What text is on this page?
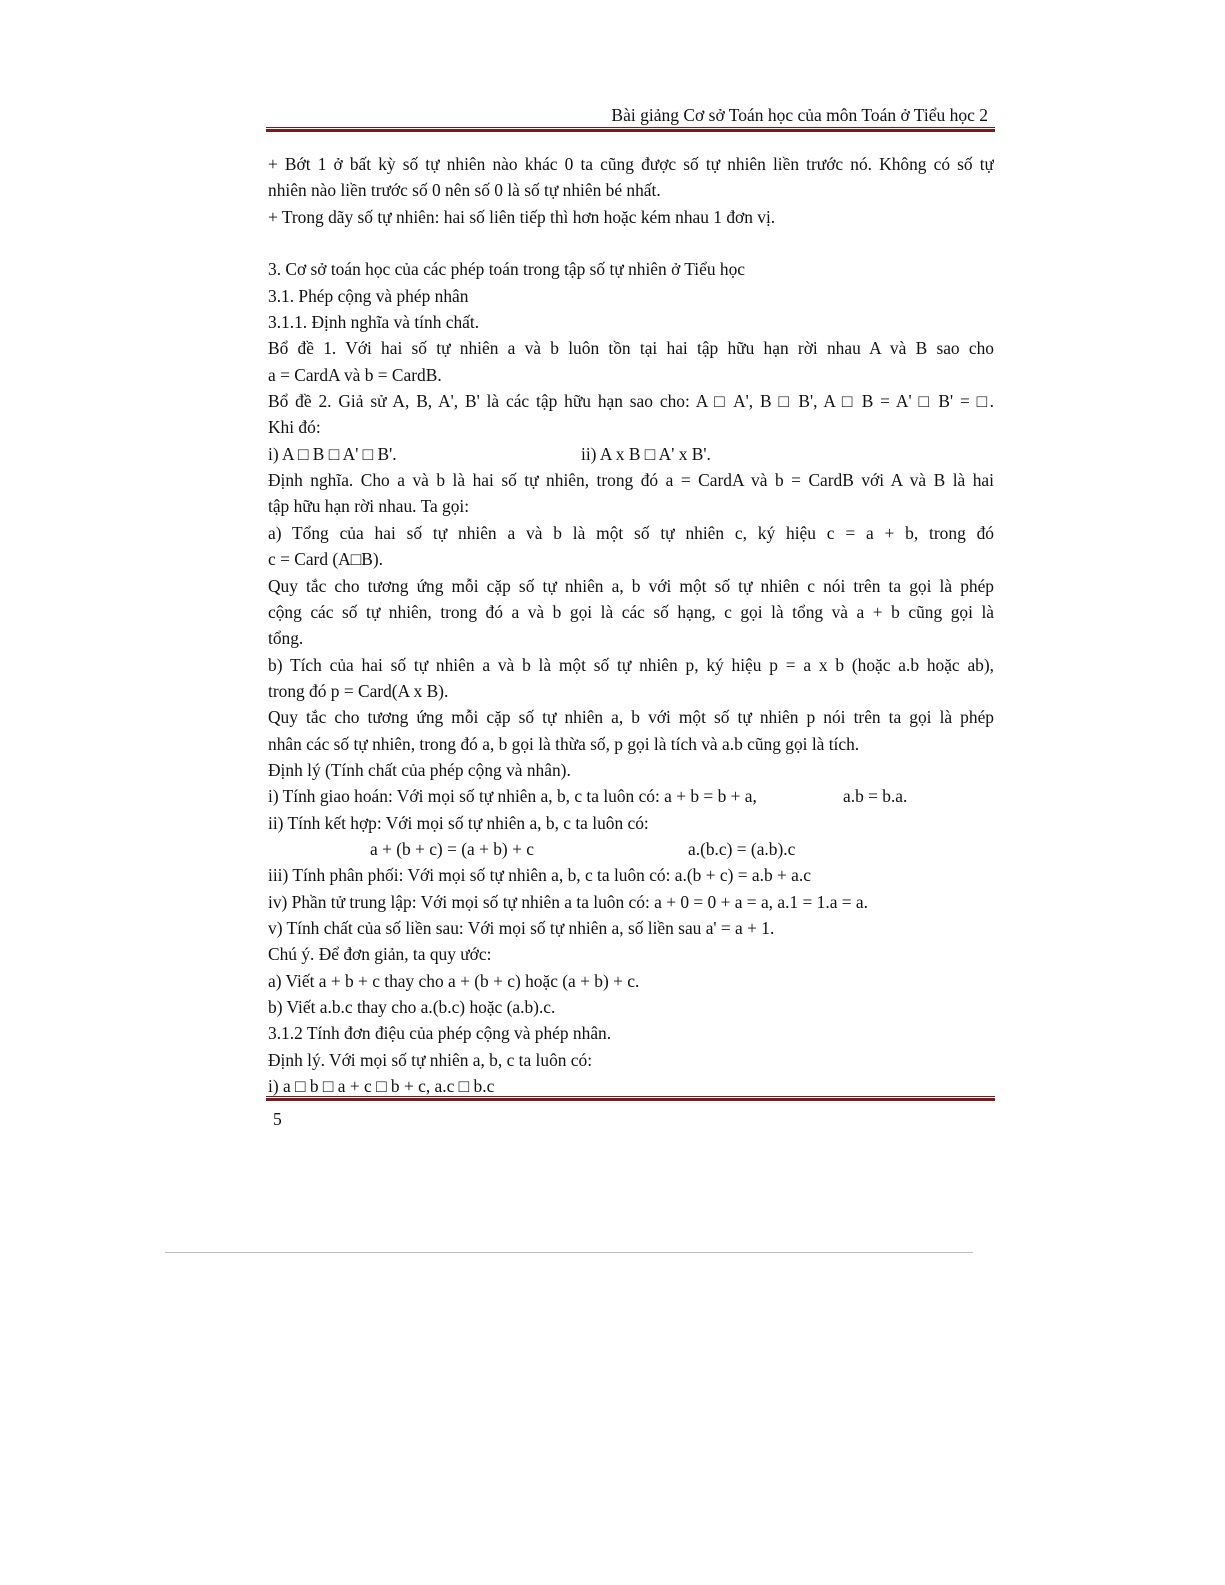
Bài giảng Cơ sở Toán học của môn Toán ở Tiểu học 2
+ Bớt 1 ở bất kỳ số tự nhiên nào khác 0 ta cũng được số tự nhiên liền trước nó. Không có số tự
nhiên nào liền trước số 0 nên số 0 là số tự nhiên bé nhất.
+ Trong dãy số tự nhiên: hai số liên tiếp thì hơn hoặc kém nhau 1 đơn vị.
3. Cơ sở toán học của các phép toán trong tập số tự nhiên ở Tiểu học
3.1. Phép cộng và phép nhân
3.1.1. Định nghĩa và tính chất.
Bổ đề 1. Với hai số tự nhiên a và b luôn tồn tại hai tập hữu hạn rời nhau A và B sao cho
a = CardA và b = CardB.
Bổ đề 2. Giả sử A, B, A', B' là các tập hữu hạn sao cho: A □ A', B □ B', A □ B = A' □ B' = □.
Khi đó:
i) A □ B □ A' □ B'.	ii) A x B □ A' x B'.
Định nghĩa. Cho a và b là hai số tự nhiên, trong đó a = CardA và b = CardB với A và B là hai
tập hữu hạn rời nhau. Ta gọi:
a) Tổng của hai số tự nhiên a và b là một số tự nhiên c, ký hiệu c = a + b, trong đó
c = Card (A□B).
Quy tắc cho tương ứng mỗi cặp số tự nhiên a, b với một số tự nhiên c nói trên ta gọi là phép
cộng các số tự nhiên, trong đó a và b gọi là các số hạng, c gọi là tổng và a + b cũng gọi là
tổng.
b) Tích của hai số tự nhiên a và b là một số tự nhiên p, ký hiệu p = a x b (hoặc a.b hoặc ab),
trong đó p = Card(A x B).
Quy tắc cho tương ứng mỗi cặp số tự nhiên a, b với một số tự nhiên p nói trên ta gọi là phép
nhân các số tự nhiên, trong đó a, b gọi là thừa số, p gọi là tích và a.b cũng gọi là tích.
Định lý (Tính chất của phép cộng và nhân).
i) Tính giao hoán: Với mọi số tự nhiên a, b, c ta luôn có: a + b = b + a,	a.b = b.a.
ii) Tính kết hợp: Với mọi số tự nhiên a, b, c ta luôn có:
a + (b + c) = (a + b) + c	a.(b.c) = (a.b).c
iii) Tính phân phối: Với mọi số tự nhiên a, b, c ta luôn có: a.(b + c) = a.b + a.c
iv) Phần tử trung lập: Với mọi số tự nhiên a ta luôn có: a + 0 = 0 + a = a, a.1 = 1.a = a.
v) Tính chất của số liền sau: Với mọi số tự nhiên a, số liền sau a' = a + 1.
Chú ý. Để đơn giản, ta quy ước:
a) Viết a + b + c thay cho a + (b + c) hoặc (a + b) + c.
b) Viết a.b.c thay cho a.(b.c) hoặc (a.b).c.
3.1.2 Tính đơn điệu của phép cộng và phép nhân.
Định lý. Với mọi số tự nhiên a, b, c ta luôn có:
i) a □ b □ a + c □ b + c, a.c □ b.c
5
